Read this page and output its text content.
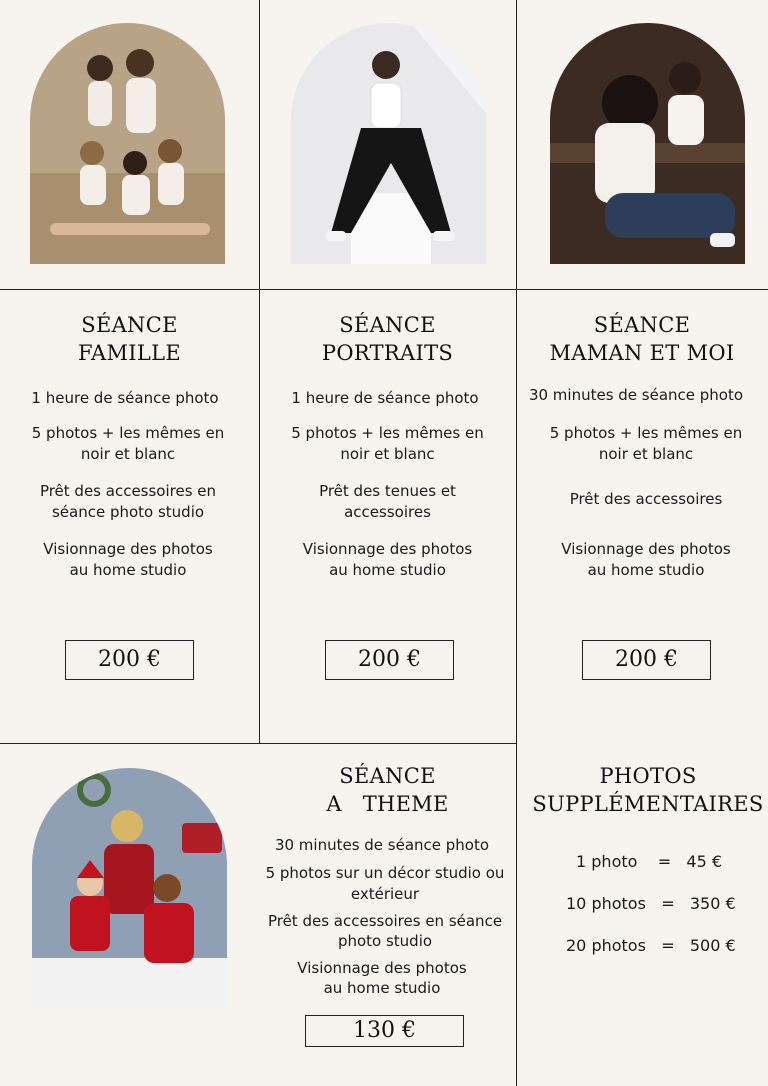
SÉANCE
FAMILLE
1 heure de séance photo
5 photos + les mêmes en
noir et blanc
Prêt des accessoires en
séance photo studio
Visionnage des photos
au home studio
200 €
SÉANCE
PORTRAITS
1 heure de séance photo
5 photos + les mêmes en
noir et blanc
Prêt des tenues et
accessoires
Visionnage des photos
au home studio
200 €
SÉANCE
MAMAN ET MOI
30 minutes de séance photo
5 photos + les mêmes en
noir et blanc
Prêt des accessoires
Visionnage des photos
au home studio
200 €
SÉANCE
A   THEME
30 minutes de séance photo
5 photos sur un décor studio ou
extérieur
Prêt des accessoires en séance
photo studio
Visionnage des photos
au home studio
130 €
PHOTOS
SUPPLÉMENTAIRES
1 photo    =   45 €
10 photos   =   350 €
20 photos   =   500 €
